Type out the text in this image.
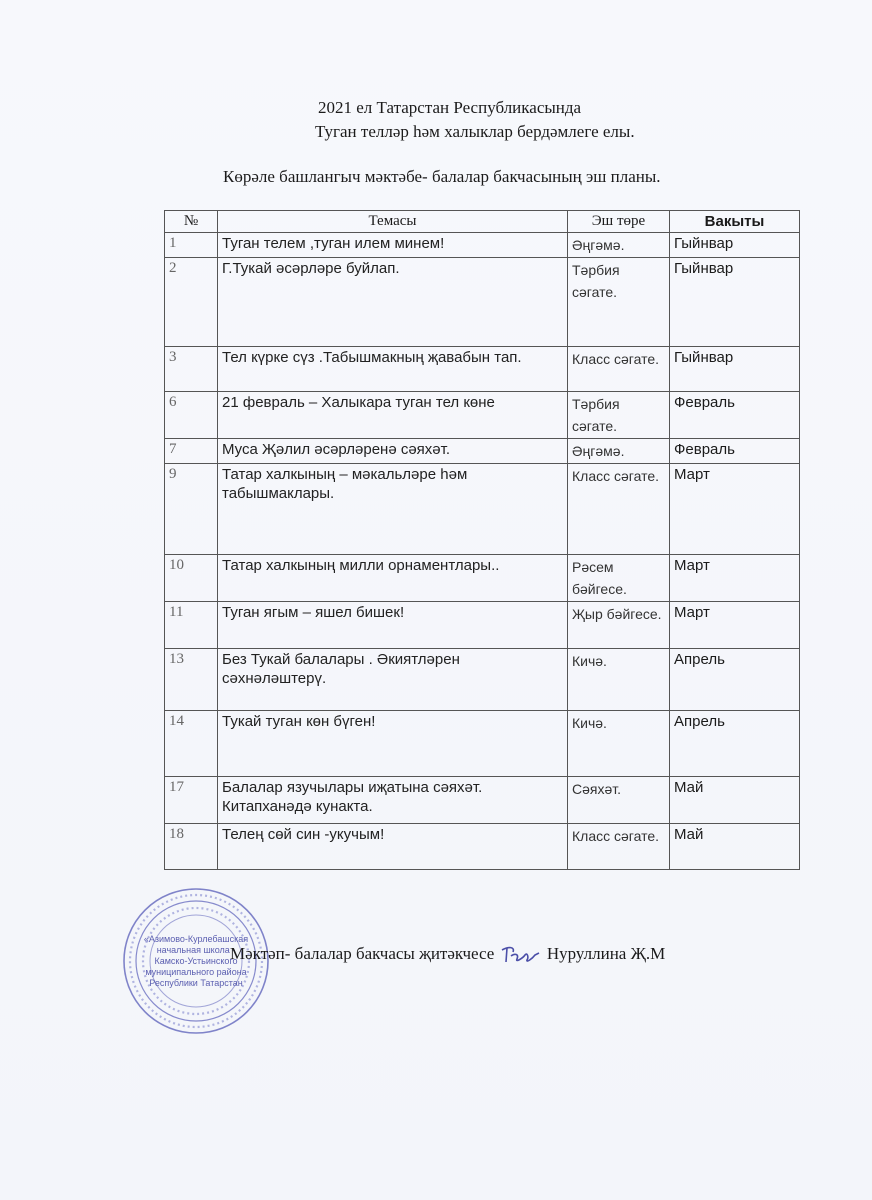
2021 ел Татарстан Республикасында
Туган телләр һәм халыклар бердәмлеге елы.
Көрәле башлангыч мәктәбе- балалар бакчасының эш планы.
№	Темасы	Эш төре	Вакыты
1	Туган телем ,туган илем минем!	Әңгәмә.	Гыйнвар
2	Г.Тукай әсәрләре буйлап.	Тәрбия сәгате.	Гыйнвар
3	Тел күрке сүз .Табышмакның җавабын тап.	Класс сәгате.	Гыйнвар
6	21 февраль – Халыкара туган тел көне	Тәрбия сәгате.	Февраль
7	Муса Җәлил әсәрләренә сәяхәт.	Әңгәмә.	Февраль
9	Татар халкының – мәкальләре һәм табышмаклары.	Класс сәгате.	Март
10	Татар халкының милли орнаментлары..	Рәсем бәйгесе.	Март
11	Туган ягым – яшел бишек!	Җыр бәйгесе.	Март
13	Без Тукай балалары . Әкиятләрен сәхнәләштерү.	Кичә.	Апрель
14	Тукай туган көн бүген!	Кичә.	Апрель
17	Балалар язучылары иҗатына сәяхәт. Китапханәдә кунакта.	Сәяхәт.	Май
18	Телең сөй син -укучым!	Класс сәгате.	Май
«Азимово-Курлебашская
начальная школа -
Камско-Устьинского
муниципального района
Республики Татарстан
Мәктәп- балалар бакчасы җитәкчесе	Нуруллина Җ.М
